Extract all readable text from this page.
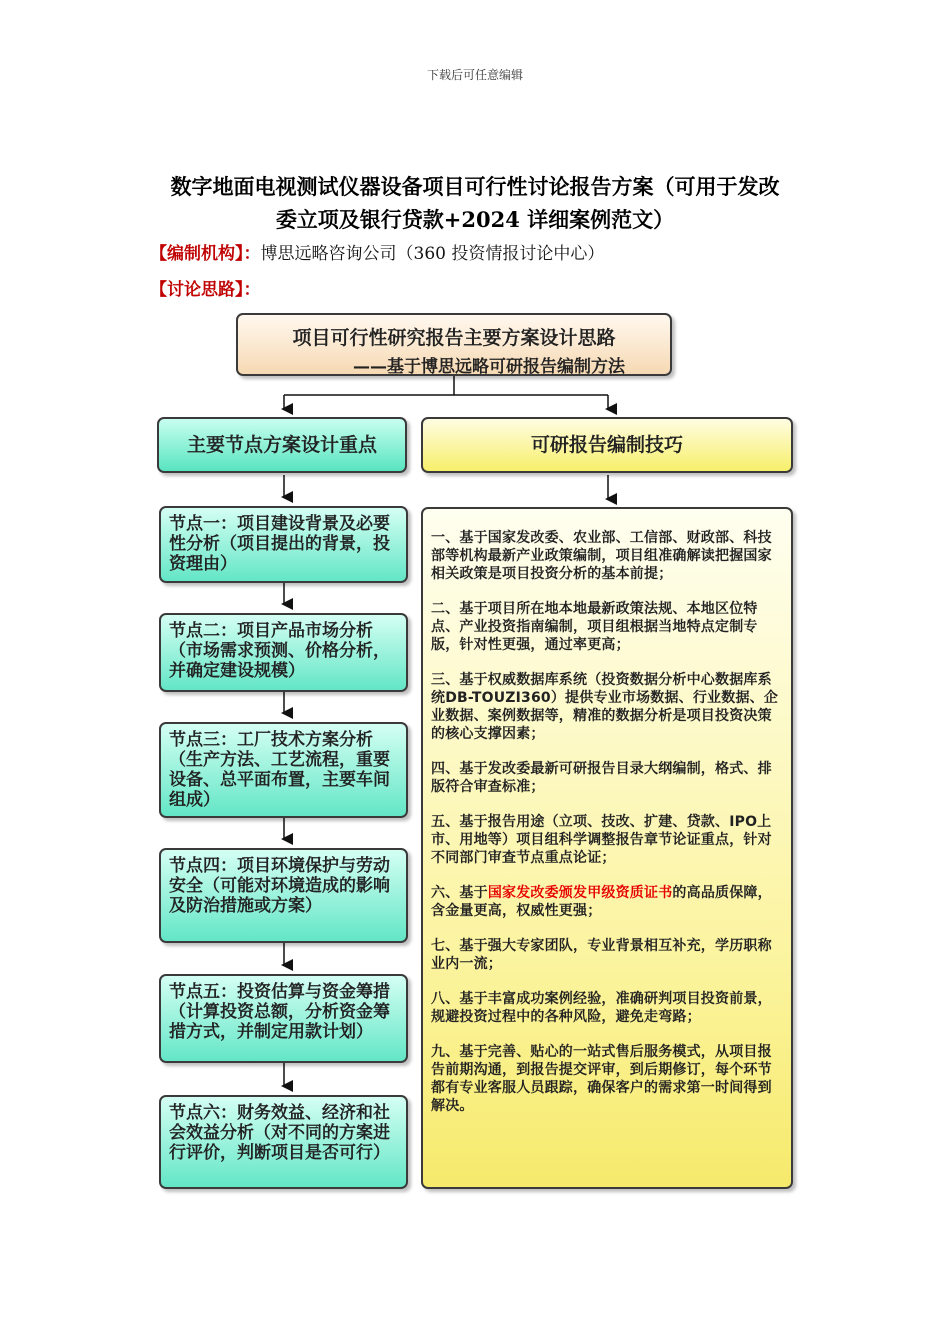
下载后可任意编辑
数字地面电视测试仪器设备项目可行性讨论报告方案（可用于发改
委立项及银行贷款+2024 详细案例范文）
【编制机构】：博思远略咨询公司（360 投资情报讨论中心）
【讨论思路】：
项目可行性研究报告主要方案设计思路
——基于博思远略可研报告编制方法
主要节点方案设计重点	可研报告编制技巧
节点一：项目建设背景及必要性分析（项目提出的背景，投资理由）
节点二：项目产品市场分析（市场需求预测、价格分析，并确定建设规模）
节点三：工厂技术方案分析（生产方法、工艺流程，重要设备、总平面布置，主要车间组成）
节点四：项目环境保护与劳动安全（可能对环境造成的影响及防治措施或方案）
节点五：投资估算与资金筹措（计算投资总额，分析资金筹措方式，并制定用款计划）
节点六：财务效益、经济和社会效益分析（对不同的方案进行评价，判断项目是否可行）

一、基于国家发改委、农业部、工信部、财政部、科技部等机构最新产业政策编制，项目组准确解读把握国家相关政策是项目投资分析的基本前提；

二、基于项目所在地本地最新政策法规、本地区位特点、产业投资指南编制，项目组根据当地特点定制专版，针对性更强，通过率更高；

三、基于权威数据库系统（投资数据分析中心数据库系统DB-TOUZI360）提供专业市场数据、行业数据、企业数据、案例数据等，精准的数据分析是项目投资决策的核心支撑因素；

四、基于发改委最新可研报告目录大纲编制，格式、排版符合审查标准；

五、基于报告用途（立项、技改、扩建、贷款、IPO上市、用地等）项目组科学调整报告章节论证重点，针对不同部门审查节点重点论证；

六、基于国家发改委颁发甲级资质证书的高品质保障，含金量更高，权威性更强；

七、基于强大专家团队，专业背景相互补充，学历职称业内一流；

八、基于丰富成功案例经验，准确研判项目投资前景，规避投资过程中的各种风险，避免走弯路；

九、基于完善、贴心的一站式售后服务模式，从项目报告前期沟通，到报告提交评审，到后期修订，每个环节都有专业客服人员跟踪，确保客户的需求第一时间得到解决。
